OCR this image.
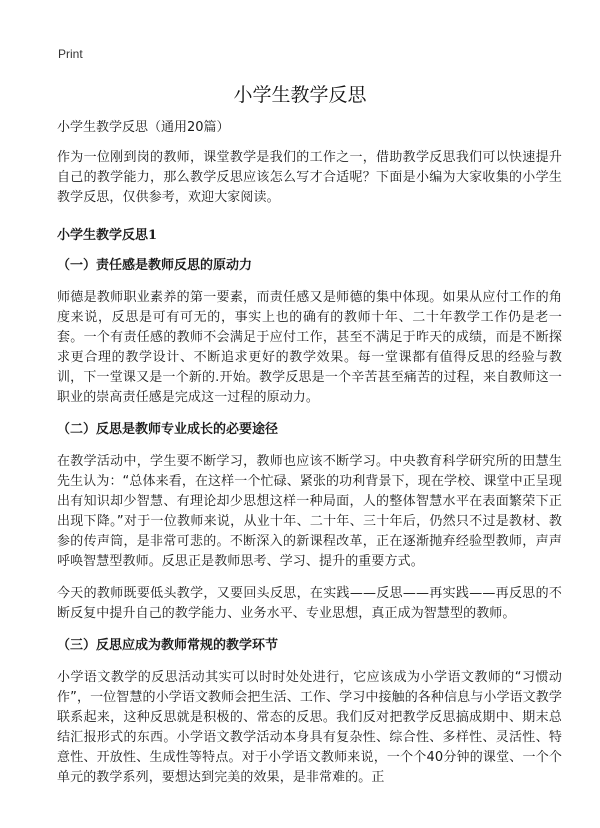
Print
小学生教学反思
小学生教学反思（通用20篇）

作为一位刚到岗的教师，课堂教学是我们的工作之一，借助教学反思我们可以快速提升自己的教学能力，那么教学反思应该怎么写才合适呢？下面是小编为大家收集的小学生教学反思，仅供参考，欢迎大家阅读。

小学生教学反思1
（一）责任感是教师反思的原动力

师德是教师职业素养的第一要素，而责任感又是师德的集中体现。如果从应付工作的角度来说，反思是可有可无的，事实上也的确有的教师十年、二十年教学工作仍是老一套。一个有责任感的教师不会满足于应付工作，甚至不满足于昨天的成绩，而是不断探求更合理的教学设计、不断追求更好的教学效果。每一堂课都有值得反思的经验与教训，下一堂课又是一个新的.开始。教学反思是一个辛苦甚至痛苦的过程，来自教师这一职业的崇高责任感是完成这一过程的原动力。

（二）反思是教师专业成长的必要途径

在教学活动中，学生要不断学习，教师也应该不断学习。中央教育科学研究所的田慧生先生认为：“总体来看，在这样一个忙碌、紧张的功利背景下，现在学校、课堂中正呈现出有知识却少智慧、有理论却少思想这样一种局面，人的整体智慧水平在表面繁荣下正出现下降。”对于一位教师来说，从业十年、二十年、三十年后，仍然只不过是教材、教参的传声筒，是非常可悲的。不断深入的新课程改革，正在逐渐抛弃经验型教师，声声呼唤智慧型教师。反思正是教师思考、学习、提升的重要方式。

今天的教师既要低头教学，又要回头反思，在实践——反思——再实践——再反思的不断反复中提升自己的教学能力、业务水平、专业思想，真正成为智慧型的教师。

（三）反思应成为教师常规的教学环节

小学语文教学的反思活动其实可以时时处处进行，它应该成为小学语文教师的“习惯动作”，一位智慧的小学语文教师会把生活、工作、学习中接触的各种信息与小学语文教学联系起来，这种反思就是积极的、常态的反思。我们反对把教学反思搞成期中、期末总结汇报形式的东西。小学语文教学活动本身具有复杂性、综合性、多样性、灵活性、特意性、开放性、生成性等特点。对于小学语文教师来说，一个个40分钟的课堂、一个个单元的教学系列，要想达到完美的效果，是非常难的。正
